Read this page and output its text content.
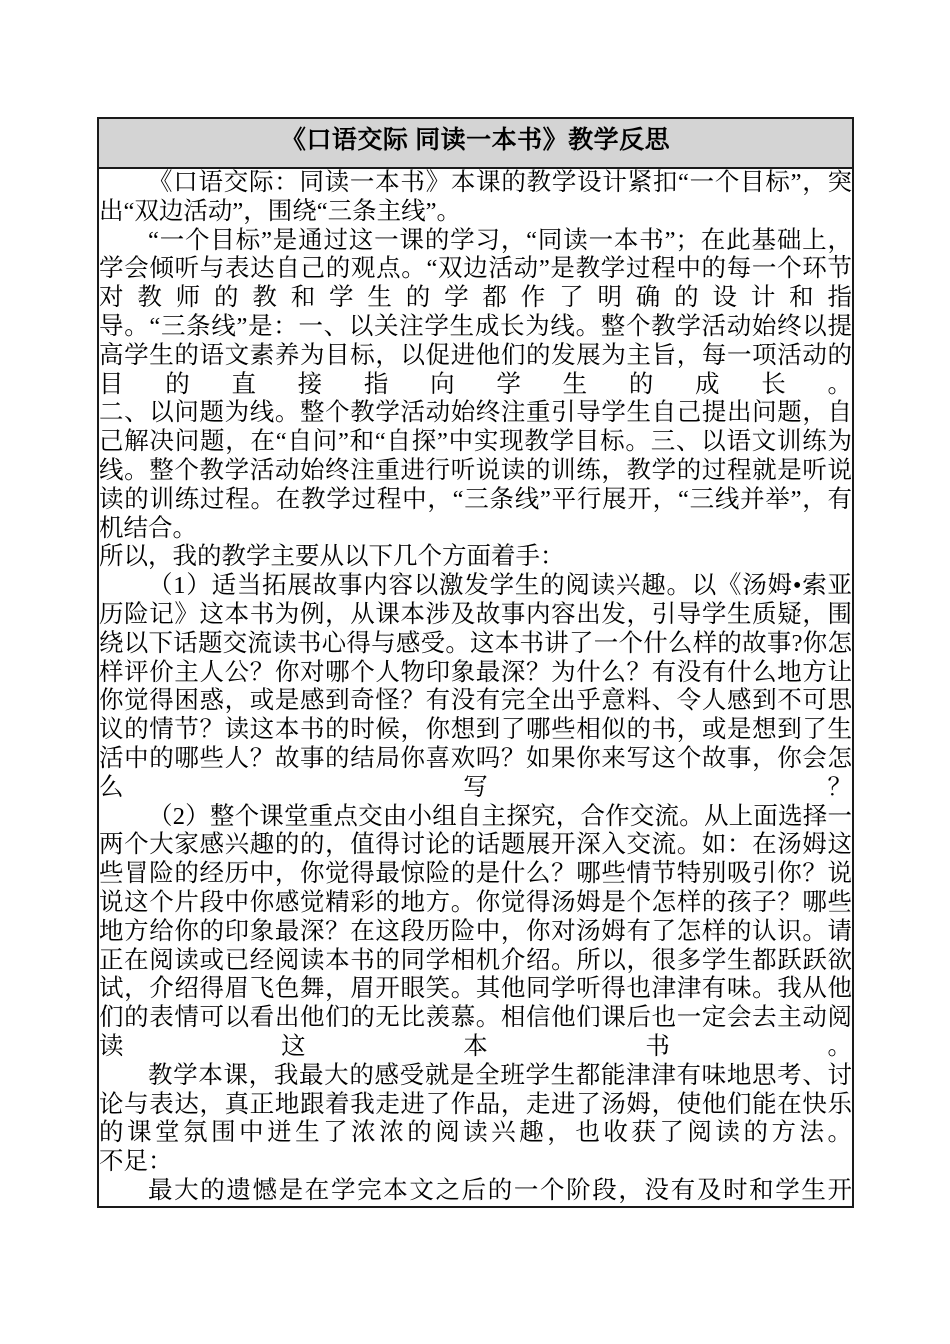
《口语交际 同读一本书》教学反思

《口语交际：同读一本书》本课的教学设计紧扣“一个目标”，突出“双边活动”，围绕“三条主线”。
“一个目标”是通过这一课的学习，“同读一本书”；在此基础上，学会倾听与表达自己的观点。“双边活动”是教学过程中的每一个环节对教师的教和学生的学都作了明确的设计和指
导。“三条线”是：一、以关注学生成长为线。整个教学活动始终以提高学生的语文素养为目标，以促进他们的发展为主旨，每一项活动的目的直接指向学生的成长。
二、以问题为线。整个教学活动始终注重引导学生自己提出问题，自己解决问题，在“自问”和“自探”中实现教学目标。三、以语文训练为线。整个教学活动始终注重进行听说读的训练，教学的过程就是听说读的训练过程。在教学过程中，“三条线”平行展开，“三线并举”，有机结合。
所以，我的教学主要从以下几个方面着手：
（1）适当拓展故事内容以激发学生的阅读兴趣。以《汤姆•索亚历险记》这本书为例，从课本涉及故事内容出发，引导学生质疑，围绕以下话题交流读书心得与感受。这本书讲了一个什么样的故事?你怎样评价主人公？你对哪个人物印象最深？为什么？有没有什么地方让你觉得困惑，或是感到奇怪？有没有完全出乎意料、令人感到不可思议的情节？读这本书的时候，你想到了哪些相似的书，或是想到了生活中的哪些人？故事的结局你喜欢吗？如果你来写这个故事，你会怎么写？
（2）整个课堂重点交由小组自主探究，合作交流。从上面选择一两个大家感兴趣的的，值得讨论的话题展开深入交流。如：在汤姆这些冒险的经历中，你觉得最惊险的是什么？哪些情节特别吸引你？说说这个片段中你感觉精彩的地方。你觉得汤姆是个怎样的孩子？哪些地方给你的印象最深？在这段历险中，你对汤姆有了怎样的认识。请正在阅读或已经阅读本书的同学相机介绍。所以，很多学生都跃跃欲试，介绍得眉飞色舞，眉开眼笑。其他同学听得也津津有味。我从他们的表情可以看出他们的无比羡慕。相信他们课后也一定会去主动阅读这本书。
教学本课，我最大的感受就是全班学生都能津津有味地思考、讨论与表达，真正地跟着我走进了作品，走进了汤姆，使他们能在快乐的课堂氛围中迸生了浓浓的阅读兴趣，也收获了阅读的方法。
不足：
最大的遗憾是在学完本文之后的一个阶段，没有及时和学生开
